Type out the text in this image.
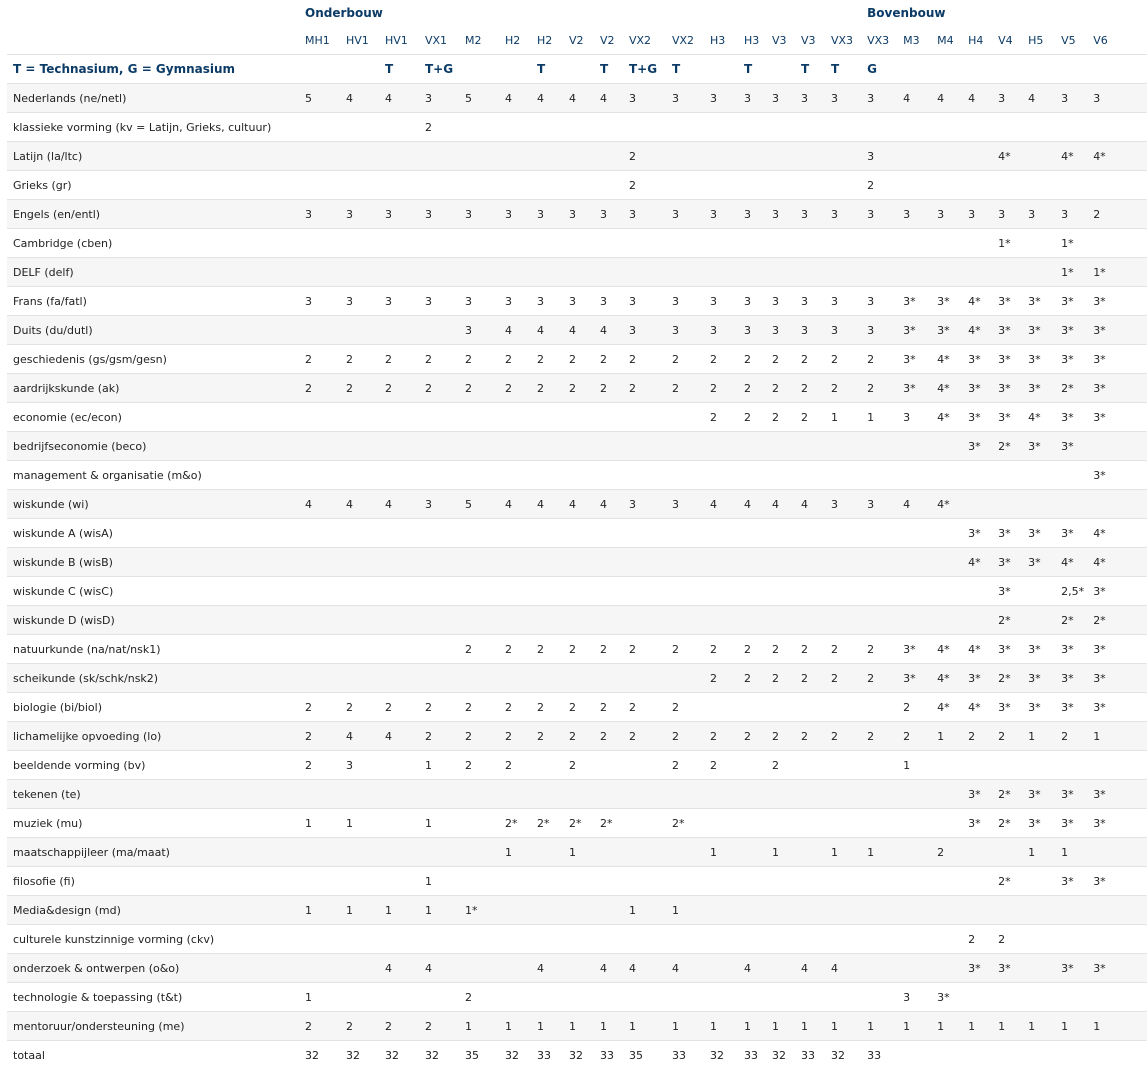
	Onderbouw																Bovenbouw							
	MH1	HV1	HV1	VX1	M2	H2	H2	V2	V2	VX2	VX2	H3	H3	V3	V3	VX3	VX3	M3	M4	H4	V4	H5	V5	V6
T = Technasium, G = Gymnasium			T	T+G			T		T	T+G	T		T		T	T	G							
Nederlands (ne/netl)	5	4	4	3	5	4	4	4	4	3	3	3	3	3	3	3	3	4	4	4	3	4	3	3
klassieke vorming (kv = Latijn, Grieks, cultuur)				2																				
Latijn (la/ltc)										2							3				4*		4*	4*
Grieks (gr)										2							2							
Engels (en/entl)	3	3	3	3	3	3	3	3	3	3	3	3	3	3	3	3	3	3	3	3	3	3	3	2
Cambridge (cben)																					1*		1*	
DELF (delf)																							1*	1*
Frans (fa/fatl)	3	3	3	3	3	3	3	3	3	3	3	3	3	3	3	3	3	3*	3*	4*	3*	3*	3*	3*
Duits (du/dutl)					3	4	4	4	4	3	3	3	3	3	3	3	3	3*	3*	4*	3*	3*	3*	3*
geschiedenis (gs/gsm/gesn)	2	2	2	2	2	2	2	2	2	2	2	2	2	2	2	2	2	3*	4*	3*	3*	3*	3*	3*
aardrijkskunde (ak)	2	2	2	2	2	2	2	2	2	2	2	2	2	2	2	2	2	3*	4*	3*	3*	3*	2*	3*
economie (ec/econ)												2	2	2	2	1	1	3	4*	3*	3*	4*	3*	3*
bedrijfseconomie (beco)																				3*	2*	3*	3*	
management & organisatie (m&o)																								3*
wiskunde (wi)	4	4	4	3	5	4	4	4	4	3	3	4	4	4	4	3	3	4	4*					
wiskunde A (wisA)																				3*	3*	3*	3*	4*
wiskunde B (wisB)																				4*	3*	3*	4*	4*
wiskunde C (wisC)																					3*		2,5*	3*
wiskunde D (wisD)																					2*		2*	2*
natuurkunde (na/nat/nsk1)					2	2	2	2	2	2	2	2	2	2	2	2	2	3*	4*	4*	3*	3*	3*	3*
scheikunde (sk/schk/nsk2)												2	2	2	2	2	2	3*	4*	3*	2*	3*	3*	3*
biologie (bi/biol)	2	2	2	2	2	2	2	2	2	2	2							2	4*	4*	3*	3*	3*	3*
lichamelijke opvoeding (lo)	2	4	4	2	2	2	2	2	2	2	2	2	2	2	2	2	2	2	1	2	2	1	2	1
beeldende vorming (bv)	2	3		1	2	2		2			2	2		2				1						
tekenen (te)																				3*	2*	3*	3*	3*
muziek (mu)	1	1		1		2*	2*	2*	2*		2*									3*	2*	3*	3*	3*
maatschappijleer (ma/maat)						1		1				1		1		1	1		2			1	1	
filosofie (fi)				1																	2*		3*	3*
Media&design (md)	1	1	1	1	1*					1	1													
culturele kunstzinnige vorming (ckv)																				2	2			
onderzoek & ontwerpen (o&o)			4	4			4		4	4	4		4		4	4				3*	3*		3*	3*
technologie & toepassing (t&t)	1				2													3	3*					
mentoruur/ondersteuning (me)	2	2	2	2	1	1	1	1	1	1	1	1	1	1	1	1	1	1	1	1	1	1	1	1
totaal	32	32	32	32	35	32	33	32	33	35	33	32	33	32	33	32	33							
